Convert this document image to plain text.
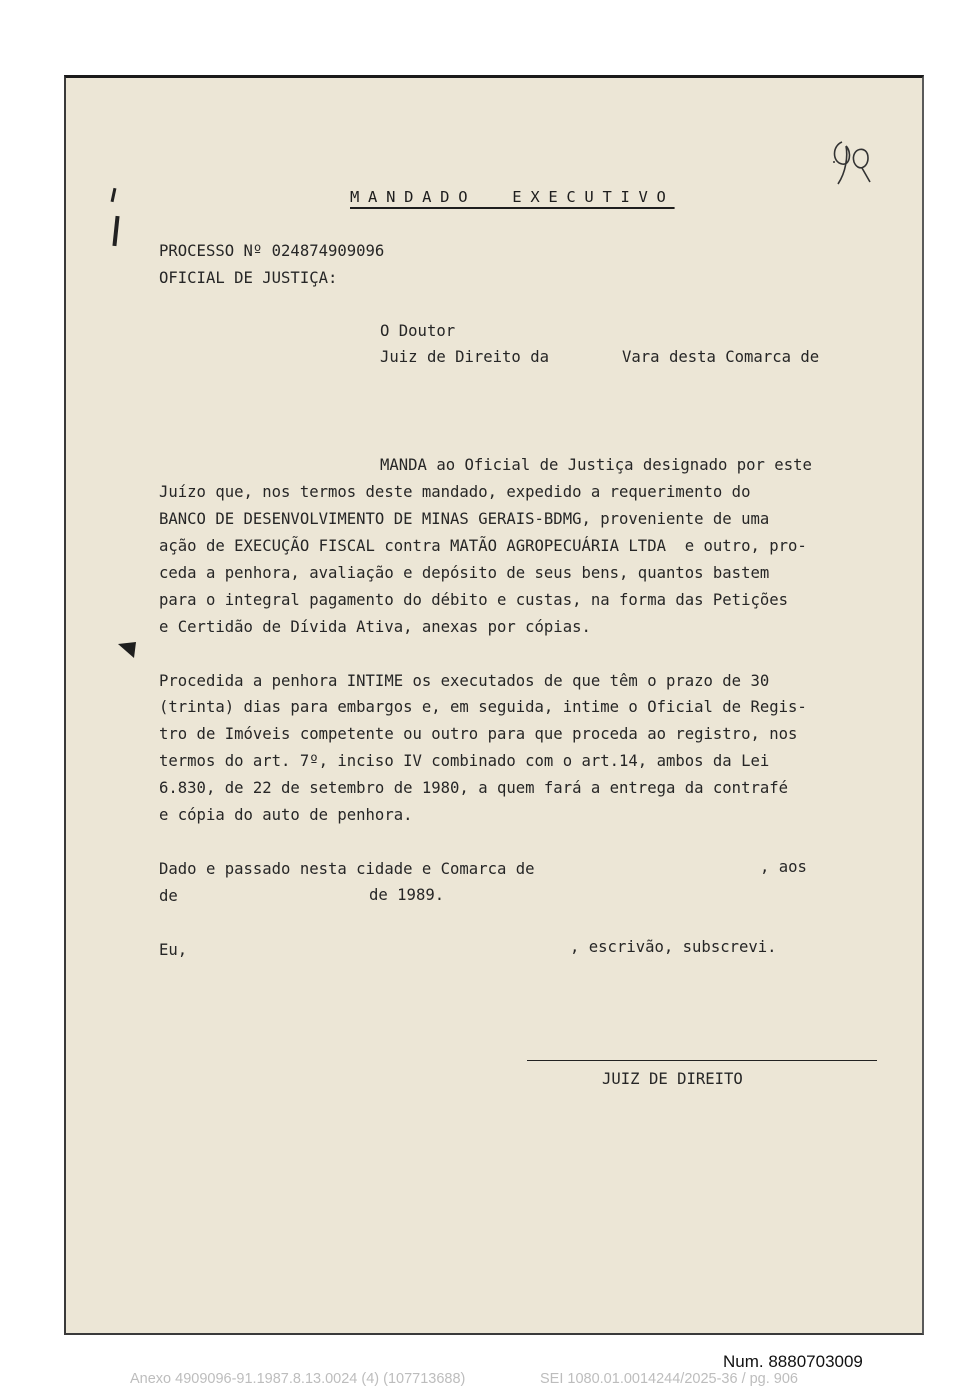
MANDADO  EXECUTIVO
PROCESSO Nº 024874909096
OFICIAL DE JUSTIÇA:
O Doutor
Juiz de Direito da	Vara desta Comarca de
MANDA ao Oficial de Justiça designado por este
Juízo que, nos termos deste mandado, expedido a requerimento do
BANCO DE DESENVOLVIMENTO DE MINAS GERAIS-BDMG, proveniente de uma
ação de EXECUÇÃO FISCAL contra MATÃO AGROPECUÁRIA LTDA  e outro, pro-
ceda a penhora, avaliação e depósito de seus bens, quantos bastem
para o integral pagamento do débito e custas, na forma das Petições
e Certidão de Dívida Ativa, anexas por cópias.
Procedida a penhora INTIME os executados de que têm o prazo de 30
(trinta) dias para embargos e, em seguida, intime o Oficial de Regis-
tro de Imóveis competente ou outro para que proceda ao registro, nos
termos do art. 7º, inciso IV combinado com o art.14, ambos da Lei
6.830, de 22 de setembro de 1980, a quem fará a entrega da contrafé
e cópia do auto de penhora.
Dado e passado nesta cidade e Comarca de	, aos
de	de 1989.
Eu,	, escrivão, subscrevi.
JUIZ DE DIREITO
Num. 8880703009
Anexo 4909096-91.1987.8.13.0024 (4) (107713688)	SEI 1080.01.0014244/2025-36 / pg. 906
